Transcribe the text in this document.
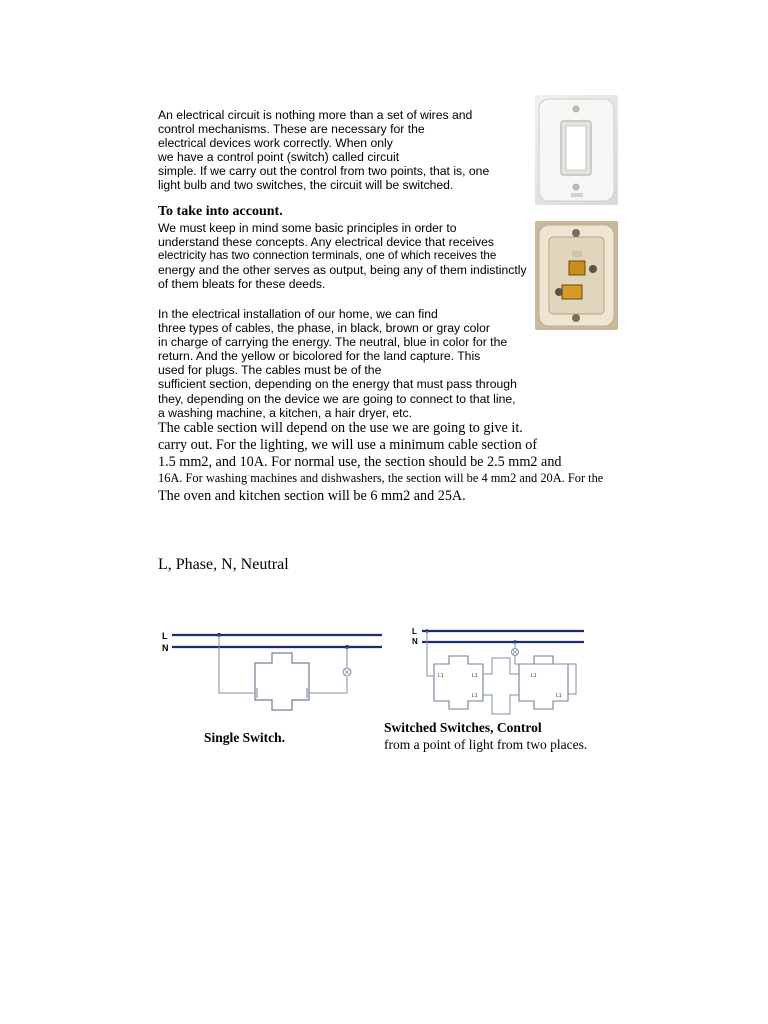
An electrical circuit is nothing more than a set of wires and
control mechanisms. These are necessary for the
electrical devices work correctly. When only
we have a control point (switch) called circuit
simple. If we carry out the control from two points, that is, one
light bulb and two switches, the circuit will be switched.
To take into account.
We must keep in mind some basic principles in order to
understand these concepts. Any electrical device that receives
electricity has two connection terminals, one of which receives the
energy and the other serves as output, being any of them indistinctly
of them bleats for these deeds.
In the electrical installation of our home, we can find
three types of cables, the phase, in black, brown or gray color
in charge of carrying the energy. The neutral, blue in color for the
return. And the yellow or bicolored for the land capture. This
used for plugs. The cables must be of the
sufficient section, depending on the energy that must pass through
they, depending on the device we are going to connect to that line,
a washing machine, a kitchen, a hair dryer, etc.
The cable section will depend on the use we are going to give it.
carry out. For the lighting, we will use a minimum cable section of
1.5 mm2, and 10A. For normal use, the section should be 2.5 mm2 and
16A. For washing machines and dishwashers, the section will be 4 mm2 and 20A. For the
The oven and kitchen section will be 6 mm2 and 25A.
L, Phase, N, Neutral
L
N
L
N
L1	L1
L1
L1
L1
Single Switch.
Switched Switches, Control
from a point of light from two places.
